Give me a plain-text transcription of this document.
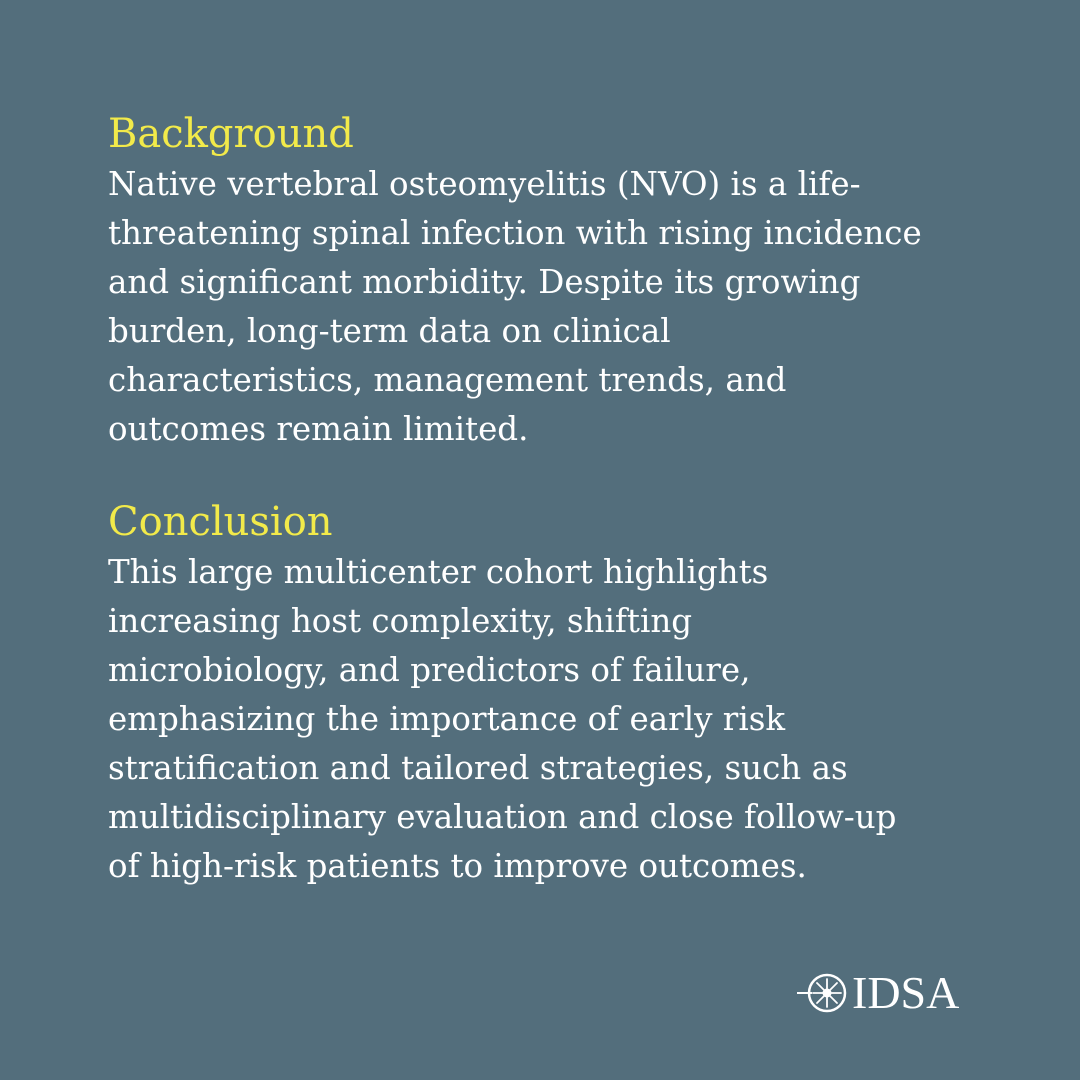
Background

Native vertebral osteomyelitis (NVO) is a life-
threatening spinal infection with rising incidence
and significant morbidity. Despite its growing
burden, long-term data on clinical
characteristics, management trends, and
outcomes remain limited.

Conclusion

This large multicenter cohort highlights
increasing host complexity, shifting
microbiology, and predictors of failure,
emphasizing the importance of early risk
stratification and tailored strategies, such as
multidisciplinary evaluation and close follow-up
of high-risk patients to improve outcomes.

IDSA
